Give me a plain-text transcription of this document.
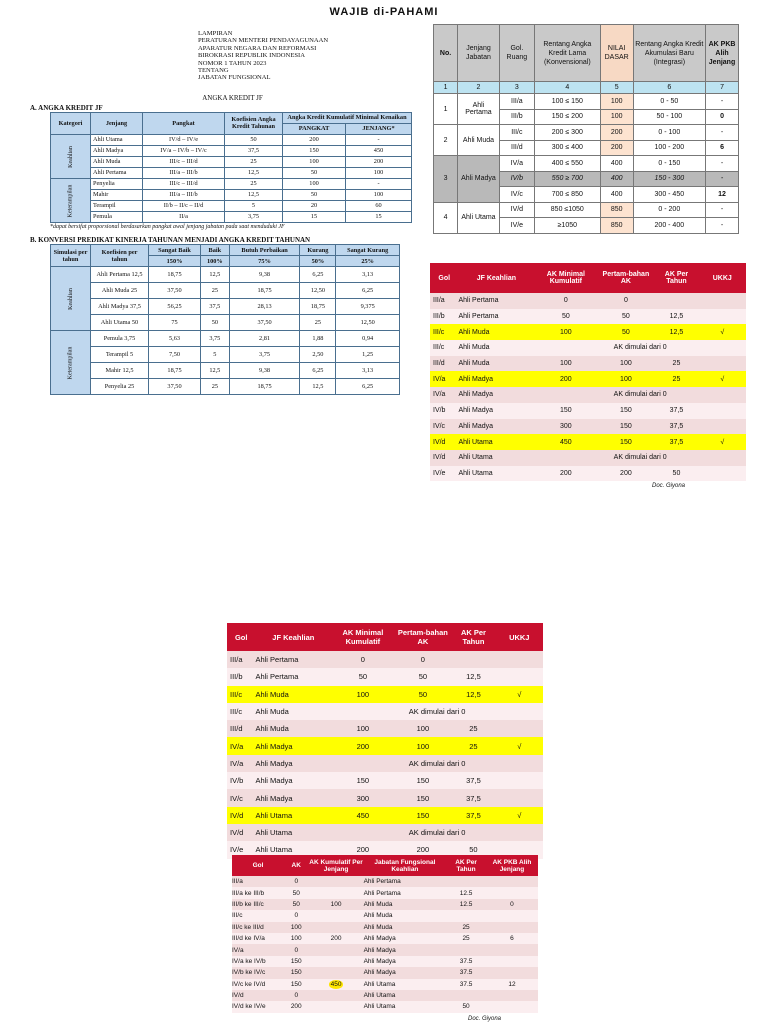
WAJIB di-PAHAMI
LAMPIRAN
PERATURAN MENTERI PENDAYAGUNAAN
APARATUR NEGARA DAN REFORMASI
BIROKRASI REPUBLIK INDONESIA
NOMOR 1 TAHUN 2023
TENTANG
JABATAN FUNGSIONAL
ANGKA KREDIT JF
A. ANGKA KREDIT JF
Kategori	Jenjang	Pangkat	Koefisien Angka Kredit Tahunan	Angka Kredit Kumulatif Minimal Kenaikan	
				PANGKAT	JENJANG*
Keahlian	Ahli Utama	IV/d – IV/e	50	200	-
	Ahli Madya	IV/a – IV/b – IV/c	37,5	150	450
	Ahli Muda	III/c – III/d	25	100	200
	Ahli Pertama	III/a – III/b	12,5	50	100
Keterampilan	Penyelia	III/c – III/d	25	100	-
	Mahir	III/a – III/b	12,5	50	100
	Terampil	II/b – II/c – II/d	5	20	60
	Pemula	II/a	3,75	15	15
*dapat bersifat proporsional berdasarkan pangkat awal jenjang jabatan pada saat menduduki JF
B. KONVERSI PREDIKAT KINERJA TAHUNAN MENJADI ANGKA KREDIT TAHUNAN
Simulasi per tahun	Koefisien per tahun	Sangat Baik	Baik	Butuh Perbaikan	Kurang	Sangat Kurang
		150%	100%	75%	50%	25%
Keahlian	Ahli Pertama 12,5	18,75	12,5	9,38	6,25	3,13
	Ahli Muda 25	37,50	25	18,75	12,50	6,25
	Ahli Madya 37,5	56,25	37,5	28,13	18,75	9,375
	Ahli Utama 50	75	50	37,50	25	12,50
Keterampilan	Pemula 3,75	5,63	3,75	2,81	1,88	0,94
	Terampil 5	7,50	5	3,75	2,50	1,25
	Mahir 12,5	18,75	12,5	9,38	6,25	3,13
	Penyelia 25	37,50	25	18,75	12,5	6,25
No.	Jenjang Jabatan	Gol. Ruang	Rentang Angka Kredit Lama (Konvensional)	NILAI DASAR	Rentang Angka Kredit Akumulasi Baru (Integrasi)	AK PKB Alih Jenjang
1	2	3	4	5	6	7
1	Ahli Pertama	III/a	100 ≤ 150	100	0 - 50	-
		III/b	150 ≤ 200	100	50 - 100	0
2	Ahli Muda	III/c	200 ≤ 300	200	0 - 100	-
		III/d	300 ≤ 400	200	100 - 200	6
3	Ahli Madya	IV/a	400 ≤ 550	400	0 - 150	-
		IV/b	550 ≥ 700	400	150 - 300	-
		IV/c	700 ≤ 850	400	300 - 450	12
4	Ahli Utama	IV/d	850 ≤1050	850	0 - 200	-
		IV/e	≥1050	850	200 - 400	-
Gol	JF Keahlian	AK Minimal Kumulatif	Pertam-bahan AK	AK Per Tahun	UKKJ
III/a	Ahli Pertama	0	0		
III/b	Ahli Pertama	50	50	12,5	
III/c	Ahli Muda	100	50	12,5	√
III/c	Ahli Muda	AK dimulai dari 0			
III/d	Ahli Muda	100	100	25	
IV/a	Ahli Madya	200	100	25	√
IV/a	Ahli Madya	AK dimulai dari 0			
IV/b	Ahli Madya	150	150	37,5	
IV/c	Ahli Madya	300	150	37,5	
IV/d	Ahli Utama	450	150	37,5	√
IV/d	Ahli Utama	AK dimulai dari 0			
IV/e	Ahli Utama	200	200	50	
Doc. Giyona
Gol	JF Keahlian	AK Minimal Kumulatif	Pertam-bahan AK	AK Per Tahun	UKKJ
III/a	Ahli Pertama	0	0		
III/b	Ahli Pertama	50	50	12,5	
III/c	Ahli Muda	100	50	12,5	√
III/c	Ahli Muda	AK dimulai dari 0			
III/d	Ahli Muda	100	100	25	
IV/a	Ahli Madya	200	100	25	√
IV/a	Ahli Madya	AK dimulai dari 0			
IV/b	Ahli Madya	150	150	37,5	
IV/c	Ahli Madya	300	150	37,5	
IV/d	Ahli Utama	450	150	37,5	√
IV/d	Ahli Utama	AK dimulai dari 0			
IV/e	Ahli Utama	200	200	50	
Gol	AK	AK Kumulatif Per Jenjang	Jabatan Fungsional Keahlian	AK Per Tahun	AK PKB Alih Jenjang
III/a	0		Ahli Pertama		
III/a ke III/b	50		Ahli Pertama	12.5	
III/b ke III/c	50	100	Ahli Muda	12.5	0
III/c	0		Ahli Muda		
III/c ke III/d	100		Ahli Muda	25	
III/d ke IV/a	100	200	Ahli Madya	25	6
IV/a	0		Ahli Madya		
IV/a ke IV/b	150		Ahli Madya	37.5	
IV/b ke IV/c	150		Ahli Madya	37.5	
IV/c ke IV/d	150	450	Ahli Utama	37.5	12
IV/d	0		Ahli Utama		
IV/d ke IV/e	200		Ahli Utama	50	
Doc. Giyona
